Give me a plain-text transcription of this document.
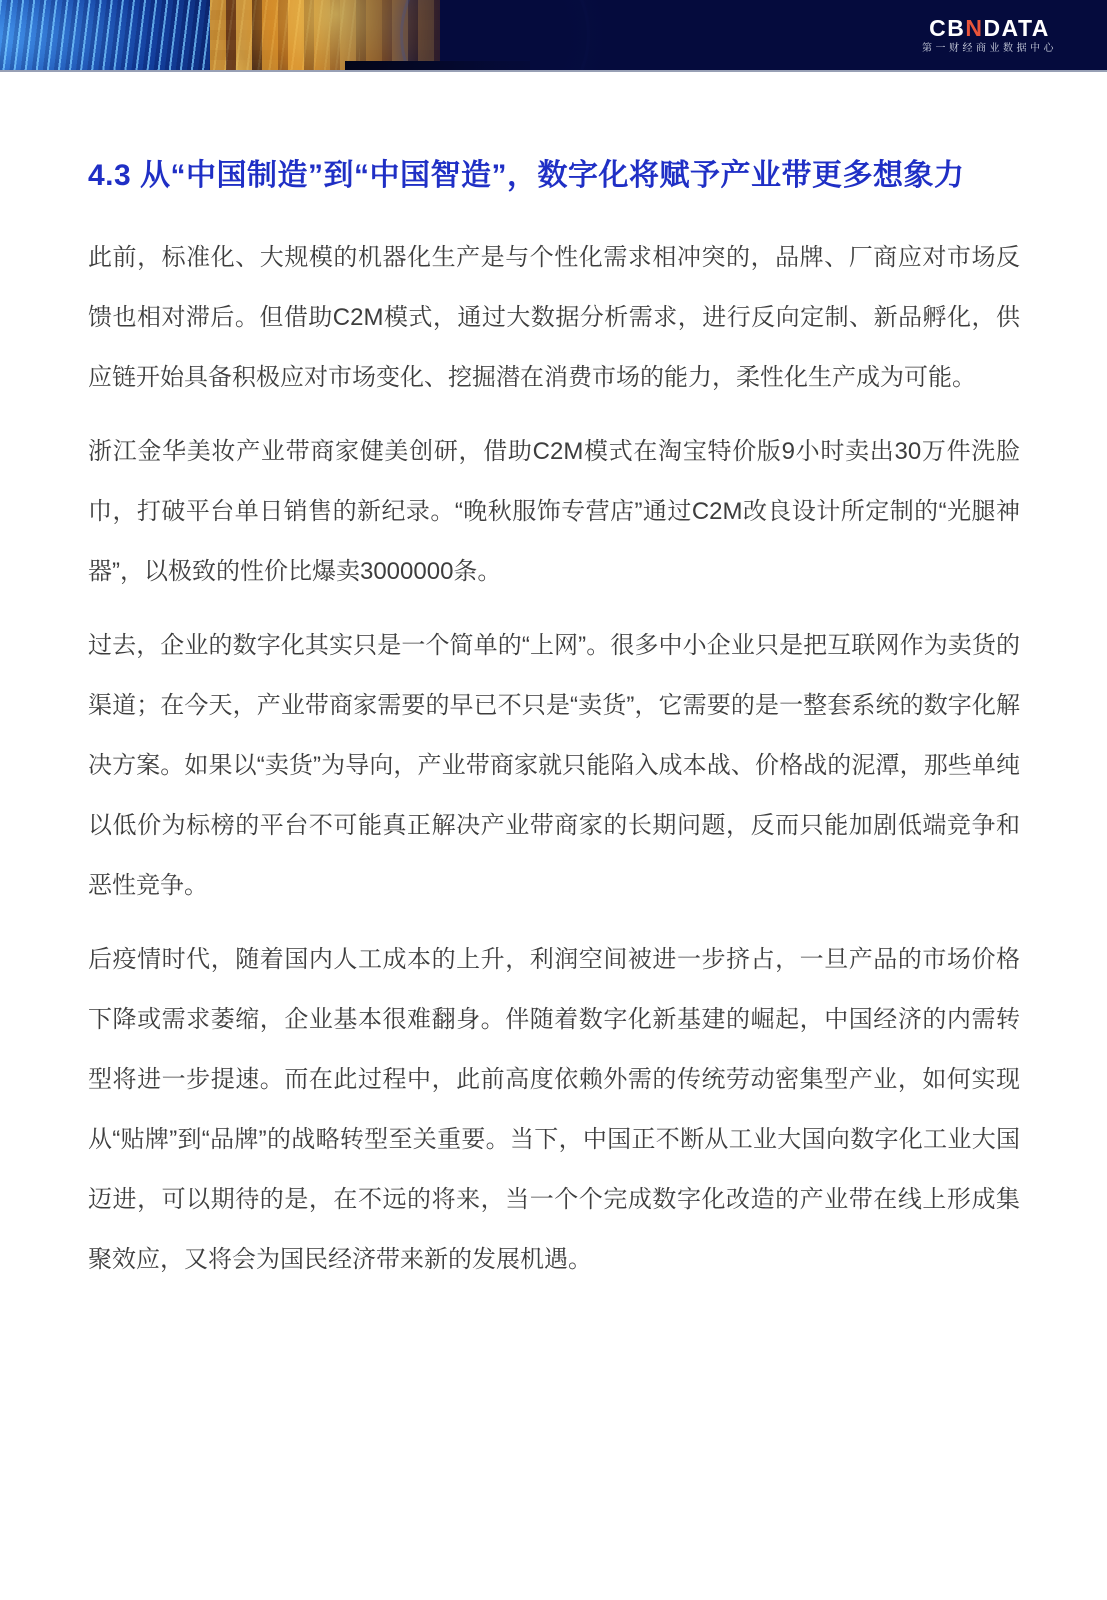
CBNDATA
第一财经商业数据中心
4.3 从“中国制造”到“中国智造”，数字化将赋予产业带更多想象力

此前，标准化、大规模的机器化生产是与个性化需求相冲突的，品牌、厂商应对市场反馈也相对滞后。但借助C2M模式，通过大数据分析需求，进行反向定制、新品孵化，供应链开始具备积极应对市场变化、挖掘潜在消费市场的能力，柔性化生产成为可能。

浙江金华美妆产业带商家健美创研，借助C2M模式在淘宝特价版9小时卖出30万件洗脸巾，打破平台单日销售的新纪录。“晚秋服饰专营店”通过C2M改良设计所定制的“光腿神器”，以极致的性价比爆卖3000000条。

过去，企业的数字化其实只是一个简单的“上网”。很多中小企业只是把互联网作为卖货的渠道；在今天，产业带商家需要的早已不只是“卖货”，它需要的是一整套系统的数字化解决方案。如果以“卖货”为导向，产业带商家就只能陷入成本战、价格战的泥潭，那些单纯以低价为标榜的平台不可能真正解决产业带商家的长期问题，反而只能加剧低端竞争和恶性竞争。

后疫情时代，随着国内人工成本的上升，利润空间被进一步挤占，一旦产品的市场价格下降或需求萎缩，企业基本很难翻身。伴随着数字化新基建的崛起，中国经济的内需转型将进一步提速。而在此过程中，此前高度依赖外需的传统劳动密集型产业，如何实现从“贴牌”到“品牌”的战略转型至关重要。当下，中国正不断从工业大国向数字化工业大国迈进，可以期待的是，在不远的将来，当一个个完成数字化改造的产业带在线上形成集聚效应，又将会为国民经济带来新的发展机遇。
